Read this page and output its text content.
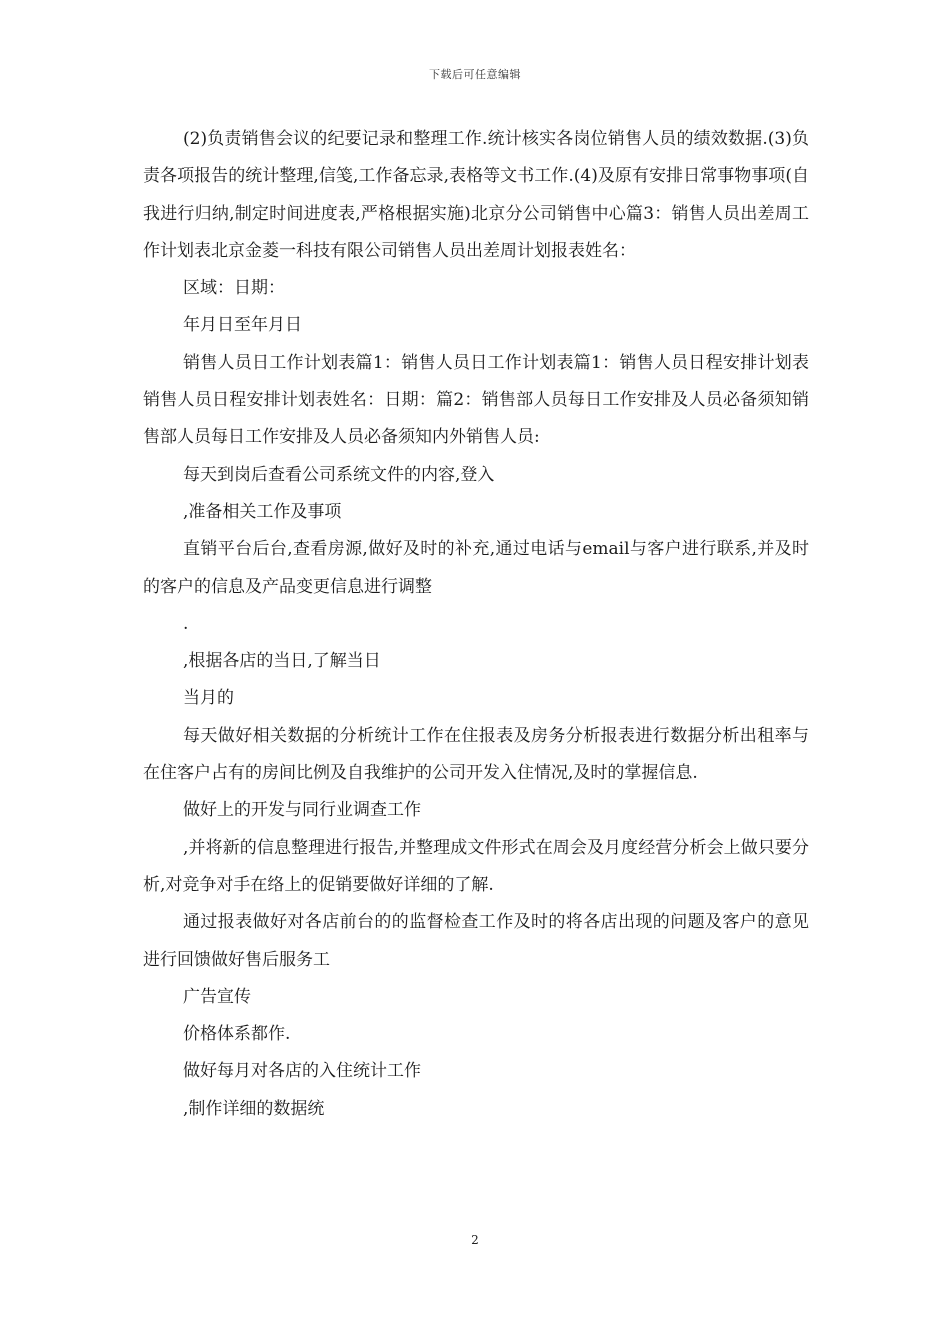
下载后可任意编辑

(2)负责销售会议的纪要记录和整理工作.统计核实各岗位销售人员的绩效数据.(3)负责各项报告的统计整理,信笺,工作备忘录,表格等文书工作.(4)及原有安排日常事物事项(自我进行归纳,制定时间进度表,严格根据实施)北京分公司销售中心篇3：销售人员出差周工作计划表北京金菱一科技有限公司销售人员出差周计划报表姓名：

区域：日期：

年月日至年月日

销售人员日工作计划表篇1：销售人员日工作计划表篇1：销售人员日程安排计划表销售人员日程安排计划表姓名：日期：篇2：销售部人员每日工作安排及人员必备须知销售部人员每日工作安排及人员必备须知内外销售人员:

每天到岗后查看公司系统文件的内容,登入

,准备相关工作及事项

直销平台后台,查看房源,做好及时的补充,通过电话与email与客户进行联系,并及时的客户的信息及产品变更信息进行调整

.

,根据各店的当日,了解当日

当月的

每天做好相关数据的分析统计工作在住报表及房务分析报表进行数据分析出租率与在住客户占有的房间比例及自我维护的公司开发入住情况,及时的掌握信息.

做好上的开发与同行业调查工作

,并将新的信息整理进行报告,并整理成文件形式在周会及月度经营分析会上做只要分析,对竞争对手在络上的促销要做好详细的了解.

通过报表做好对各店前台的的监督检查工作及时的将各店出现的问题及客户的意见进行回馈做好售后服务工

广告宣传

价格体系都作.

做好每月对各店的入住统计工作

,制作详细的数据统

2
